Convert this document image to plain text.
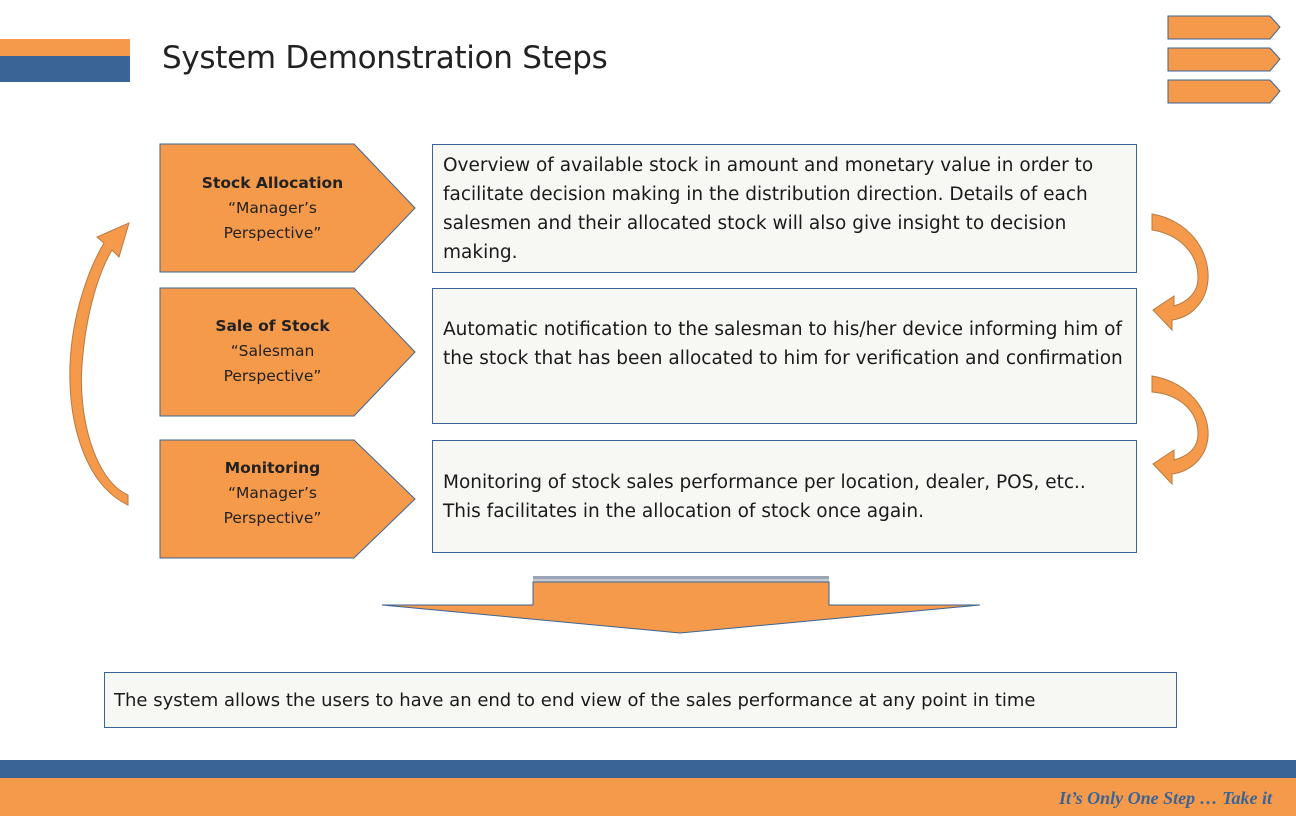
System Demonstration Steps
Stock Allocation
“Manager’s
Perspective”
Overview of available stock in amount and monetary value in order to facilitate decision making in the distribution direction. Details of each salesmen and their allocated stock will also give insight to decision making.
Sale of Stock
“Salesman
Perspective”
Automatic notification to the salesman to his/her device informing him of the stock that has been allocated to him for verification and confirmation
Monitoring
“Manager’s
Perspective”
Monitoring of stock sales performance per location, dealer, POS, etc.. This facilitates in the allocation of stock once again.
The system allows the users to have an end to end view of the sales performance at any point in time
It’s Only One Step … Take it
